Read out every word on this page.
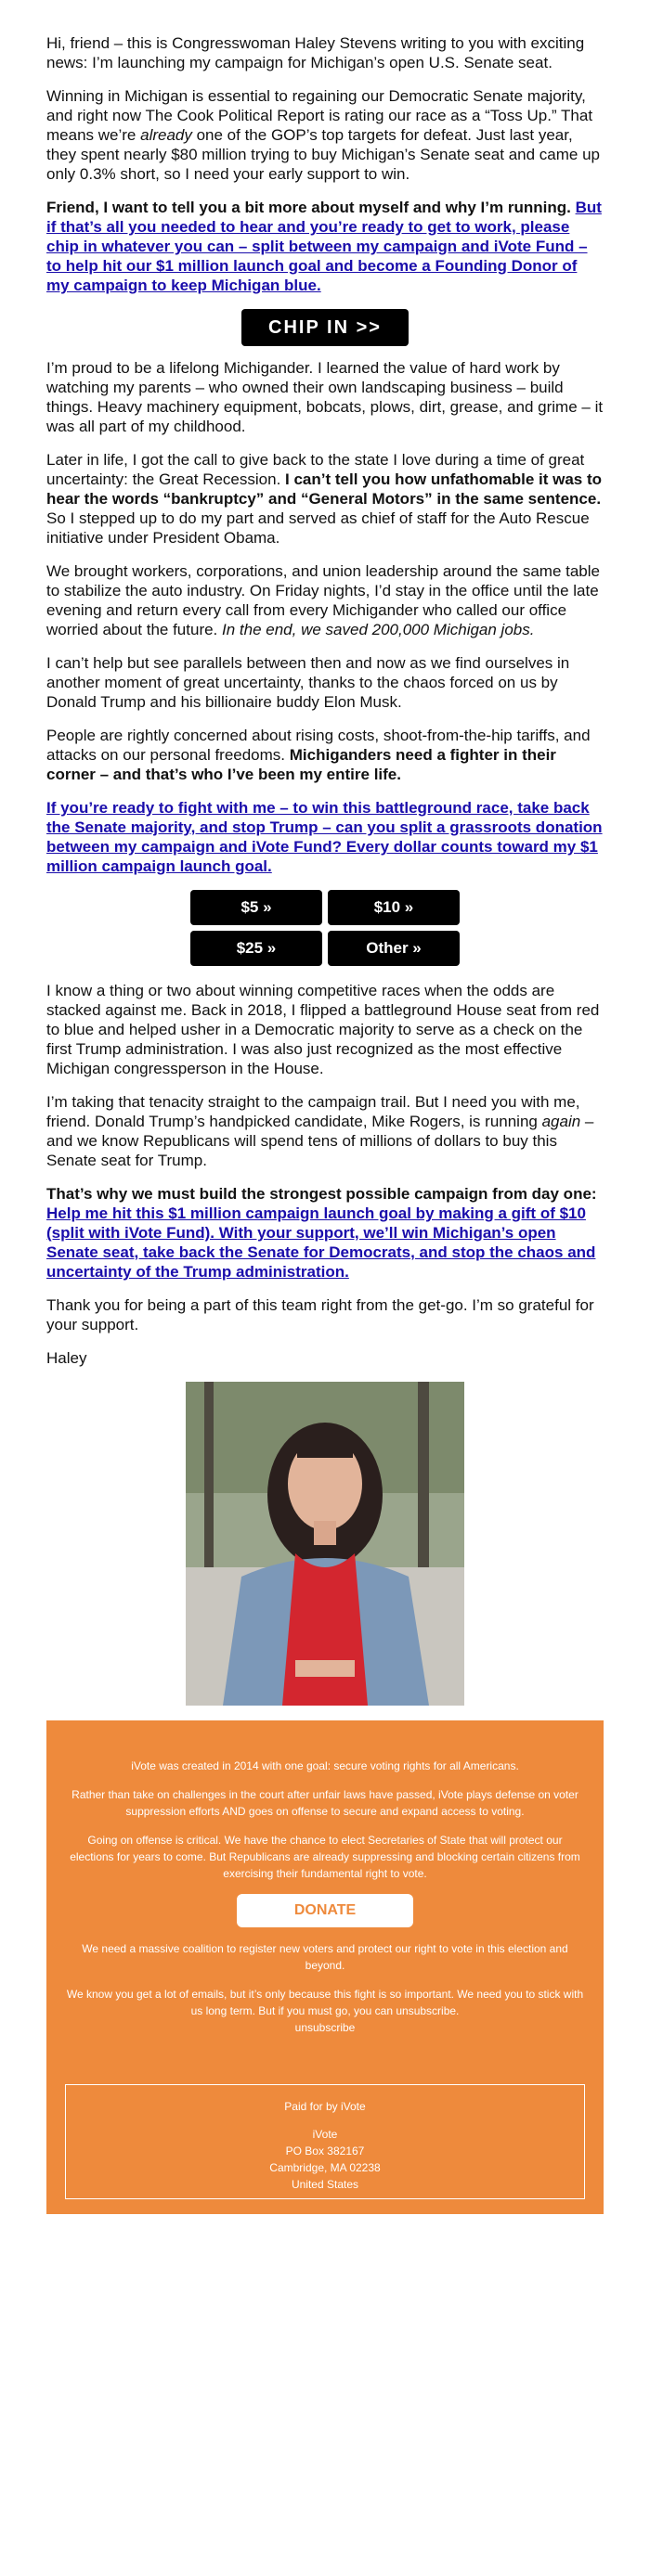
Hi, friend – this is Congresswoman Haley Stevens writing to you with exciting news: I’m launching my campaign for Michigan’s open U.S. Senate seat.

Winning in Michigan is essential to regaining our Democratic Senate majority, and right now The Cook Political Report is rating our race as a “Toss Up.” That means we’re already one of the GOP’s top targets for defeat. Just last year, they spent nearly $80 million trying to buy Michigan’s Senate seat and came up only 0.3% short, so I need your early support to win.

Friend, I want to tell you a bit more about myself and why I’m running. But if that’s all you needed to hear and you’re ready to get to work, please chip in whatever you can – split between my campaign and iVote Fund – to help hit our $1 million launch goal and become a Founding Donor of my campaign to keep Michigan blue.

CHIP IN >>

I’m proud to be a lifelong Michigander. I learned the value of hard work by watching my parents – who owned their own landscaping business – build things. Heavy machinery equipment, bobcats, plows, dirt, grease, and grime – it was all part of my childhood.

Later in life, I got the call to give back to the state I love during a time of great uncertainty: the Great Recession. I can’t tell you how unfathomable it was to hear the words “bankruptcy” and “General Motors” in the same sentence. So I stepped up to do my part and served as chief of staff for the Auto Rescue initiative under President Obama.

We brought workers, corporations, and union leadership around the same table to stabilize the auto industry. On Friday nights, I’d stay in the office until the late evening and return every call from every Michigander who called our office worried about the future. In the end, we saved 200,000 Michigan jobs.

I can’t help but see parallels between then and now as we find ourselves in another moment of great uncertainty, thanks to the chaos forced on us by Donald Trump and his billionaire buddy Elon Musk.

People are rightly concerned about rising costs, shoot-from-the-hip tariffs, and attacks on our personal freedoms. Michiganders need a fighter in their corner – and that’s who I’ve been my entire life.

If you’re ready to fight with me – to win this battleground race, take back the Senate majority, and stop Trump – can you split a grassroots donation between my campaign and iVote Fund? Every dollar counts toward my $1 million campaign launch goal.

$5 »	$10 »
$25 »	Other »

I know a thing or two about winning competitive races when the odds are stacked against me. Back in 2018, I flipped a battleground House seat from red to blue and helped usher in a Democratic majority to serve as a check on the first Trump administration. I was also just recognized as the most effective Michigan congressperson in the House.

I’m taking that tenacity straight to the campaign trail. But I need you with me, friend. Donald Trump’s handpicked candidate, Mike Rogers, is running again – and we know Republicans will spend tens of millions of dollars to buy this Senate seat for Trump.

That’s why we must build the strongest possible campaign from day one: Help me hit this $1 million campaign launch goal by making a gift of $10 (split with iVote Fund). With your support, we’ll win Michigan’s open Senate seat, take back the Senate for Democrats, and stop the chaos and uncertainty of the Trump administration.

Thank you for being a part of this team right from the get-go. I’m so grateful for your support.

Haley

iVote was created in 2014 with one goal: secure voting rights for all Americans.

Rather than take on challenges in the court after unfair laws have passed, iVote plays defense on voter suppression efforts AND goes on offense to secure and expand access to voting.

Going on offense is critical. We have the chance to elect Secretaries of State that will protect our elections for years to come. But Republicans are already suppressing and blocking certain citizens from exercising their fundamental right to vote.

DONATE

We need a massive coalition to register new voters and protect our right to vote in this election and beyond.

We know you get a lot of emails, but it’s only because this fight is so important. We need you to stick with us long term. But if you must go, you can unsubscribe.
unsubscribe

Paid for by iVote

iVote

PO Box 382167

Cambridge, MA 02238

United States
